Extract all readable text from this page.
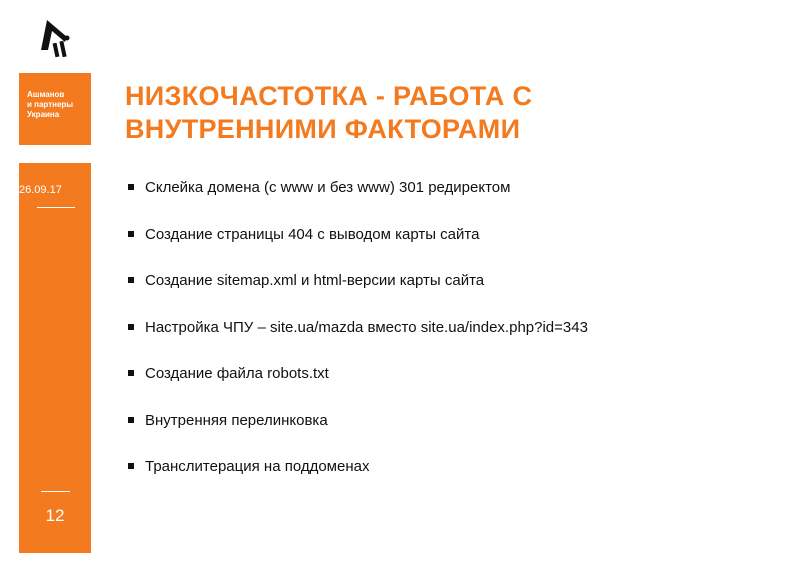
Ашманов
и партнеры
Украина
26.09.17
12
НИЗКОЧАСТОТКА - РАБОТА С
ВНУТРЕННИМИ ФАКТОРАМИ
Склейка домена (с www и без www) 301 редиректом
Создание страницы 404 с выводом карты сайта
Создание sitemap.xml и html-версии карты сайта
Настройка ЧПУ – site.ua/mazda вместо site.ua/index.php?id=343
Создание файла robots.txt
Внутренняя перелинковка
Транслитерация на поддоменах
